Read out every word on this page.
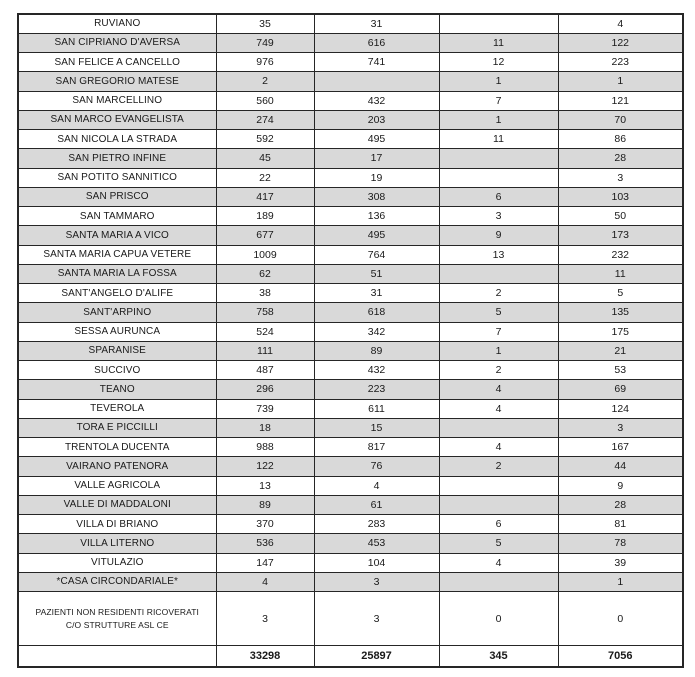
RUVIANO	35	31		4
SAN CIPRIANO D'AVERSA	749	616	11	122
SAN FELICE A CANCELLO	976	741	12	223
SAN GREGORIO MATESE	2		1	1
SAN MARCELLINO	560	432	7	121
SAN MARCO EVANGELISTA	274	203	1	70
SAN NICOLA LA STRADA	592	495	11	86
SAN PIETRO INFINE	45	17		28
SAN POTITO SANNITICO	22	19		3
SAN PRISCO	417	308	6	103
SAN TAMMARO	189	136	3	50
SANTA MARIA A VICO	677	495	9	173
SANTA MARIA CAPUA VETERE	1009	764	13	232
SANTA MARIA LA FOSSA	62	51		11
SANT'ANGELO D'ALIFE	38	31	2	5
SANT'ARPINO	758	618	5	135
SESSA AURUNCA	524	342	7	175
SPARANISE	111	89	1	21
SUCCIVO	487	432	2	53
TEANO	296	223	4	69
TEVEROLA	739	611	4	124
TORA E PICCILLI	18	15		3
TRENTOLA DUCENTA	988	817	4	167
VAIRANO PATENORA	122	76	2	44
VALLE AGRICOLA	13	4		9
VALLE DI MADDALONI	89	61		28
VILLA DI BRIANO	370	283	6	81
VILLA LITERNO	536	453	5	78
VITULAZIO	147	104	4	39
*CASA CIRCONDARIALE*	4	3		1
PAZIENTI NON RESIDENTI RICOVERATI C/O STRUTTURE ASL CE	3	3	0	0
	33298	25897	345	7056
